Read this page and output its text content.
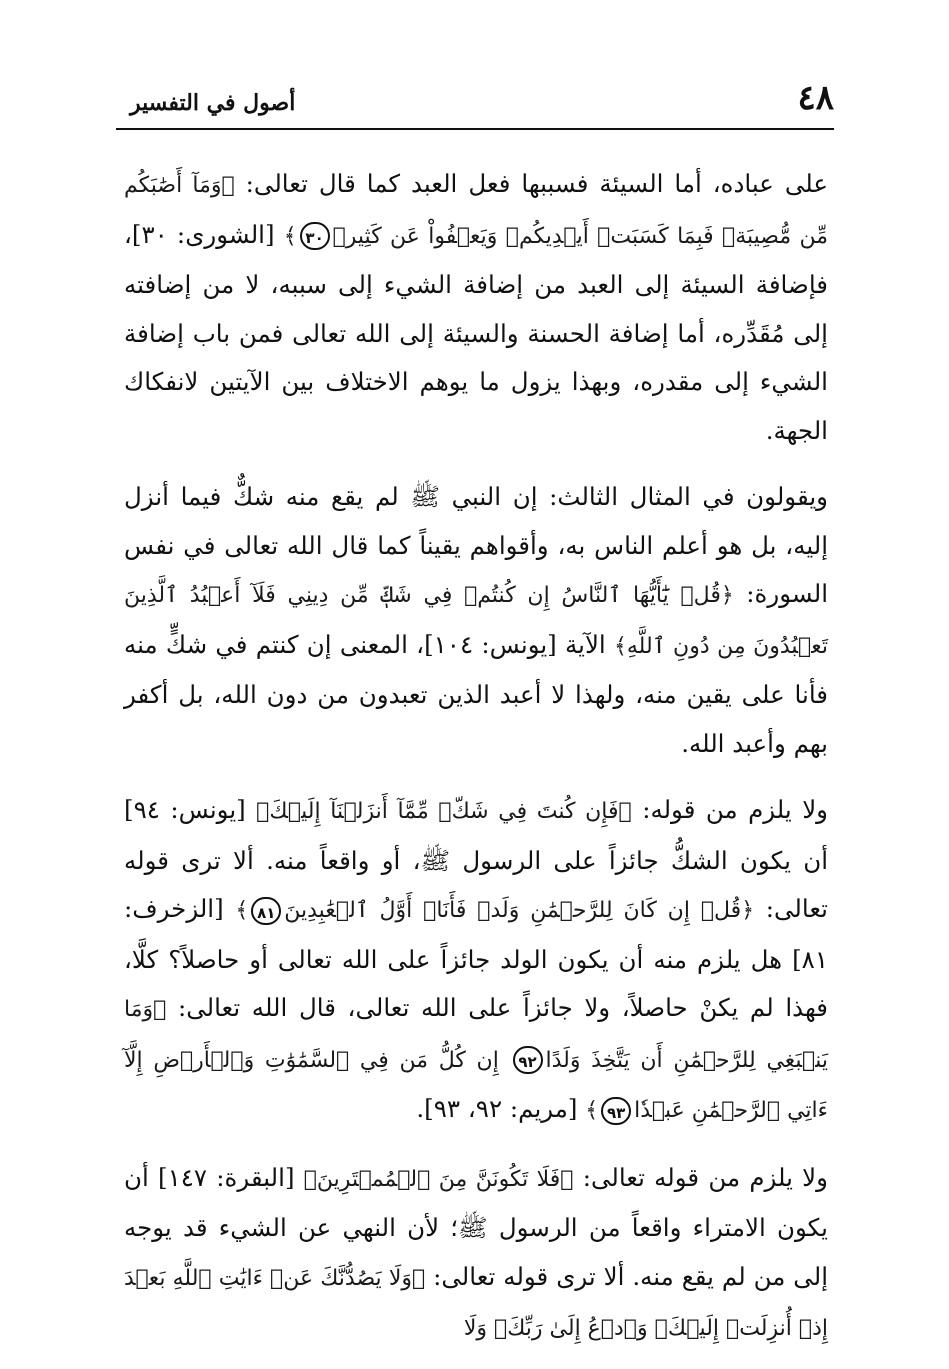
٤٨
أصول في التفسير

على عباده، أما السيئة فسببها فعل العبد كما قال تعالى: ﴿وَمَآ أَصَٰبَكُم مِّن مُّصِيبَةٖ فَبِمَا كَسَبَتۡ أَيۡدِيكُمۡ وَيَعۡفُواْ عَن كَثِيرٖ٣٠﴾ [الشورى: ٣٠]، فإضافة السيئة إلى العبد من إضافة الشيء إلى سببه، لا من إضافته إلى مُقَدِّره، أما إضافة الحسنة والسيئة إلى الله تعالى فمن باب إضافة الشيء إلى مقدره، وبهذا يزول ما يوهم الاختلاف بين الآيتين لانفكاك الجهة.

ويقولون في المثال الثالث: إن النبي ﷺ لم يقع منه شكٌّ فيما أنزل إليه، بل هو أعلم الناس به، وأقواهم يقيناً كما قال الله تعالى في نفس السورة: ﴿قُلۡ يَٰٓأَيُّهَا ٱلنَّاسُ إِن كُنتُمۡ فِي شَكّٖ مِّن دِينِي فَلَآ أَعۡبُدُ ٱلَّذِينَ تَعۡبُدُونَ مِن دُونِ ٱللَّهِ﴾ الآية [يونس: ١٠٤]، المعنى إن كنتم في شكٍّ منه فأنا على يقين منه، ولهذا لا أعبد الذين تعبدون من دون الله، بل أكفر بهم وأعبد الله.

ولا يلزم من قوله: ﴿فَإِن كُنتَ فِي شَكّٖ مِّمَّآ أَنزَلۡنَآ إِلَيۡكَ﴾ [يونس: ٩٤] أن يكون الشكُّ جائزاً على الرسول ﷺ، أو واقعاً منه. ألا ترى قوله تعالى: ﴿قُلۡ إِن كَانَ لِلرَّحۡمَٰنِ وَلَدٞ فَأَنَا۠ أَوَّلُ ٱلۡعَٰبِدِينَ٨١﴾ [الزخرف: ٨١] هل يلزم منه أن يكون الولد جائزاً على الله تعالى أو حاصلاً؟ كلَّا، فهذا لم يكنْ حاصلاً، ولا جائزاً على الله تعالى، قال الله تعالى: ﴿وَمَا يَنۢبَغِي لِلرَّحۡمَٰنِ أَن يَتَّخِذَ وَلَدًا٩٢ إِن كُلُّ مَن فِي ٱلسَّمَٰوَٰتِ وَٱلۡأَرۡضِ إِلَّآ ءَاتِي ٱلرَّحۡمَٰنِ عَبۡدٗا٩٣﴾ [مريم: ٩٢، ٩٣].

ولا يلزم من قوله تعالى: ﴿فَلَا تَكُونَنَّ مِنَ ٱلۡمُمۡتَرِينَ﴾ [البقرة: ١٤٧] أن يكون الامتراء واقعاً من الرسول ﷺ؛ لأن النهي عن الشيء قد يوجه إلى من لم يقع منه. ألا ترى قوله تعالى: ﴿وَلَا يَصُدُّنَّكَ عَنۡ ءَايَٰتِ ٱللَّهِ بَعۡدَ إِذۡ أُنزِلَتۡ إِلَيۡكَۖ وَٱدۡعُ إِلَىٰ رَبِّكَۖ وَلَا
